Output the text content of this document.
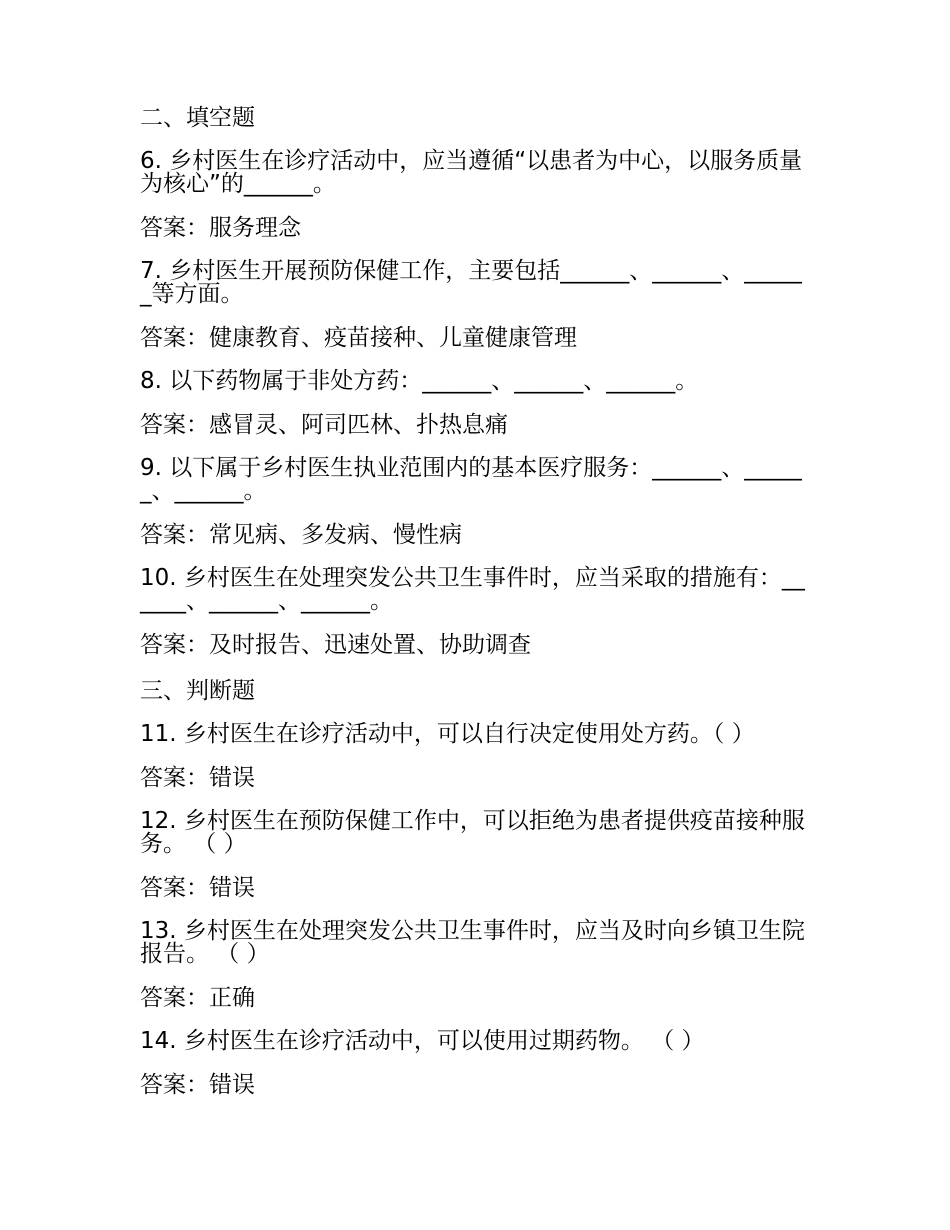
二、填空题
6. 乡村医生在诊疗活动中，应当遵循“以患者为中心，以服务质量为核心”的______。
答案：服务理念
7. 乡村医生开展预防保健工作，主要包括______、______、______等方面。
答案：健康教育、疫苗接种、儿童健康管理
8. 以下药物属于非处方药：______、______、______。
答案：感冒灵、阿司匹林、扑热息痛
9. 以下属于乡村医生执业范围内的基本医疗服务：______、______、______。
答案：常见病、多发病、慢性病
10. 乡村医生在处理突发公共卫生事件时，应当采取的措施有：______、______、______。
答案：及时报告、迅速处置、协助调查
三、判断题
11. 乡村医生在诊疗活动中，可以自行决定使用处方药。（ ）
答案：错误
12. 乡村医生在预防保健工作中，可以拒绝为患者提供疫苗接种服务。 （ ）
答案：错误
13. 乡村医生在处理突发公共卫生事件时，应当及时向乡镇卫生院报告。 （ ）
答案：正确
14. 乡村医生在诊疗活动中，可以使用过期药物。 （ ）
答案：错误
